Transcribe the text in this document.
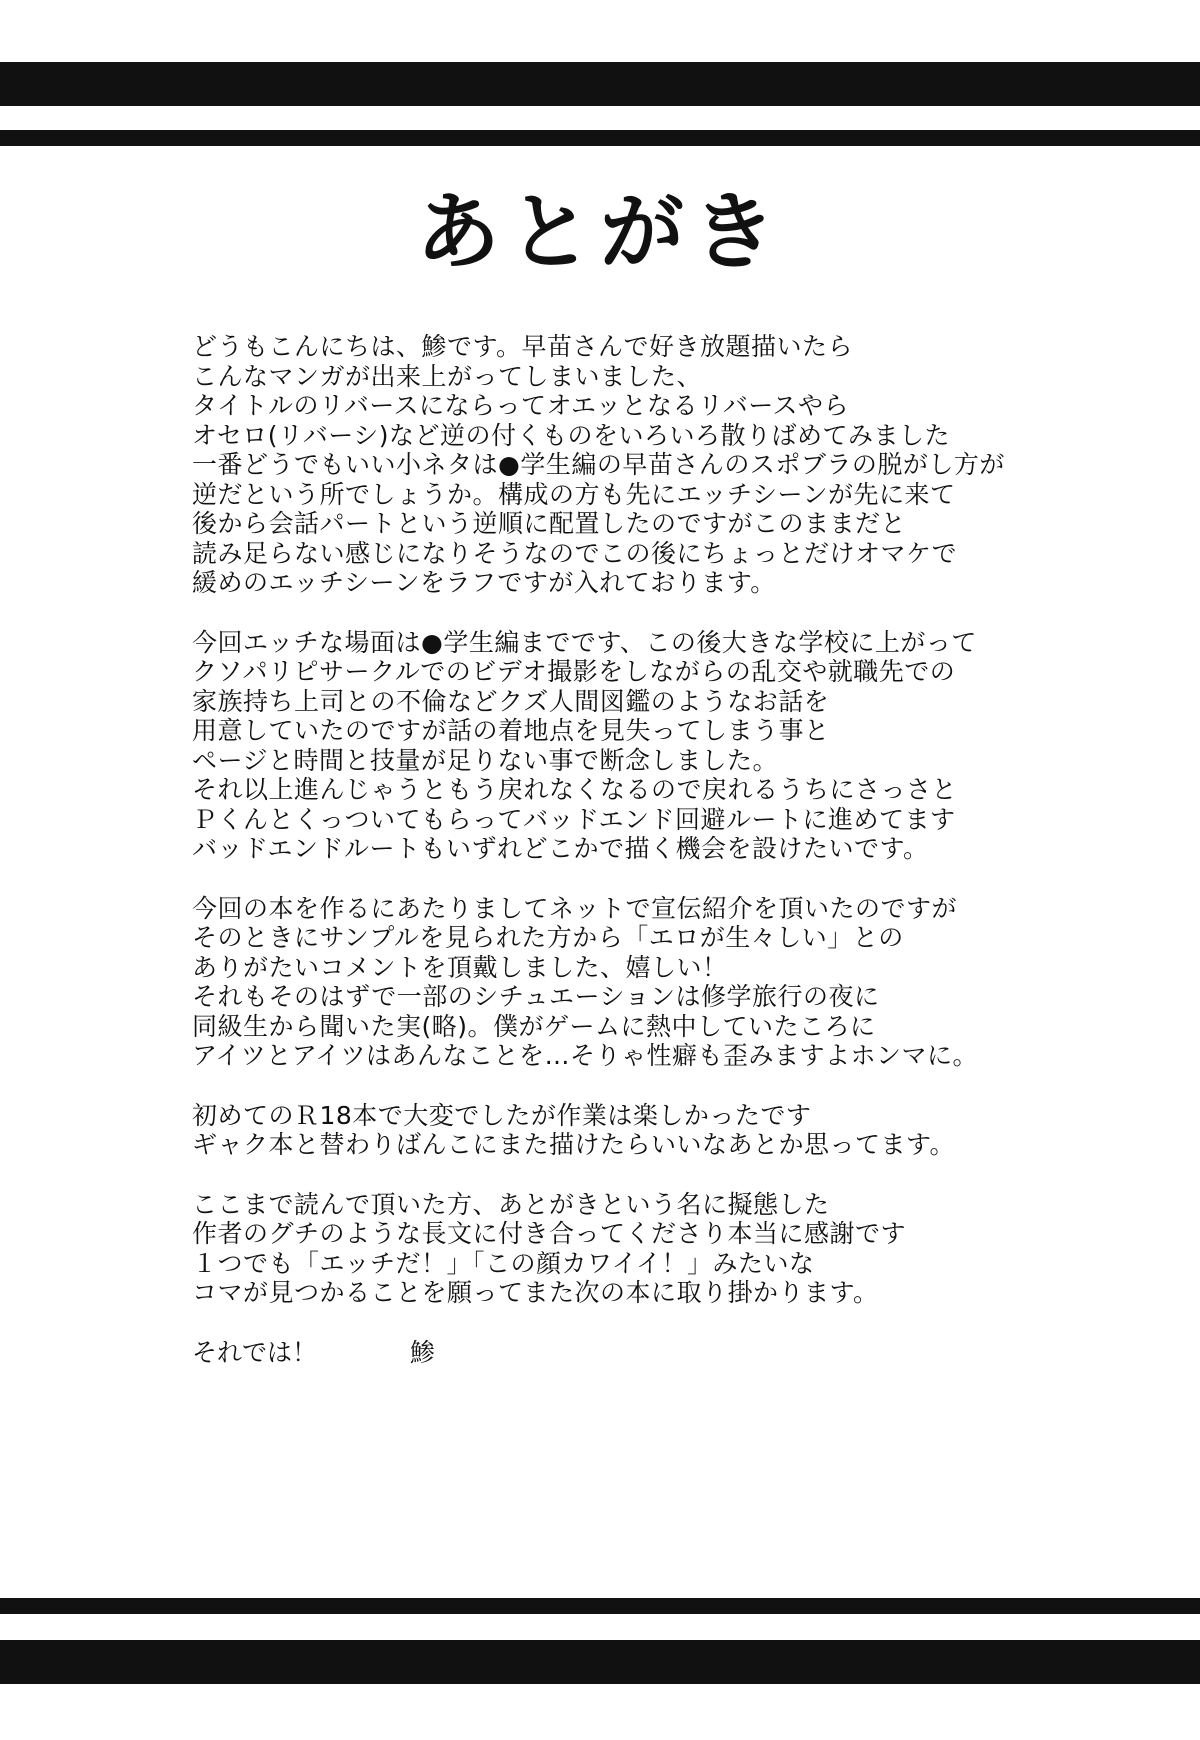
あとがき
どうもこんにちは、鯵です。早苗さんで好き放題描いたら
こんなマンガが出来上がってしまいました、
タイトルのリバースにならってオエッとなるリバースやら
オセロ(リバーシ)など逆の付くものをいろいろ散りばめてみました
一番どうでもいい小ネタは●学生編の早苗さんのスポブラの脱がし方が
逆だという所でしょうか。構成の方も先にエッチシーンが先に来て
後から会話パートという逆順に配置したのですがこのままだと
読み足らない感じになりそうなのでこの後にちょっとだけオマケで
緩めのエッチシーンをラフですが入れております。
今回エッチな場面は●学生編までです、この後大きな学校に上がって
クソパリピサークルでのビデオ撮影をしながらの乱交や就職先での
家族持ち上司との不倫などクズ人間図鑑のようなお話を
用意していたのですが話の着地点を見失ってしまう事と
ページと時間と技量が足りない事で断念しました。
それ以上進んじゃうともう戻れなくなるので戻れるうちにさっさと
Ｐくんとくっついてもらってバッドエンド回避ルートに進めてます
バッドエンドルートもいずれどこかで描く機会を設けたいです。
今回の本を作るにあたりましてネットで宣伝紹介を頂いたのですが
そのときにサンプルを見られた方から「エロが生々しい」との
ありがたいコメントを頂戴しました、嬉しい！
それもそのはずで一部のシチュエーションは修学旅行の夜に
同級生から聞いた実(略)。僕がゲームに熱中していたころに
アイツとアイツはあんなことを…そりゃ性癖も歪みますよホンマに。
初めてのＲ18本で大変でしたが作業は楽しかったです
ギャク本と替わりばんこにまた描けたらいいなあとか思ってます。
ここまで読んで頂いた方、あとがきという名に擬態した
作者のグチのような長文に付き合ってくださり本当に感謝です
１つでも「エッチだ！」「この顔カワイイ！」みたいな
コマが見つかることを願ってまた次の本に取り掛かります。
それでは！	鯵
